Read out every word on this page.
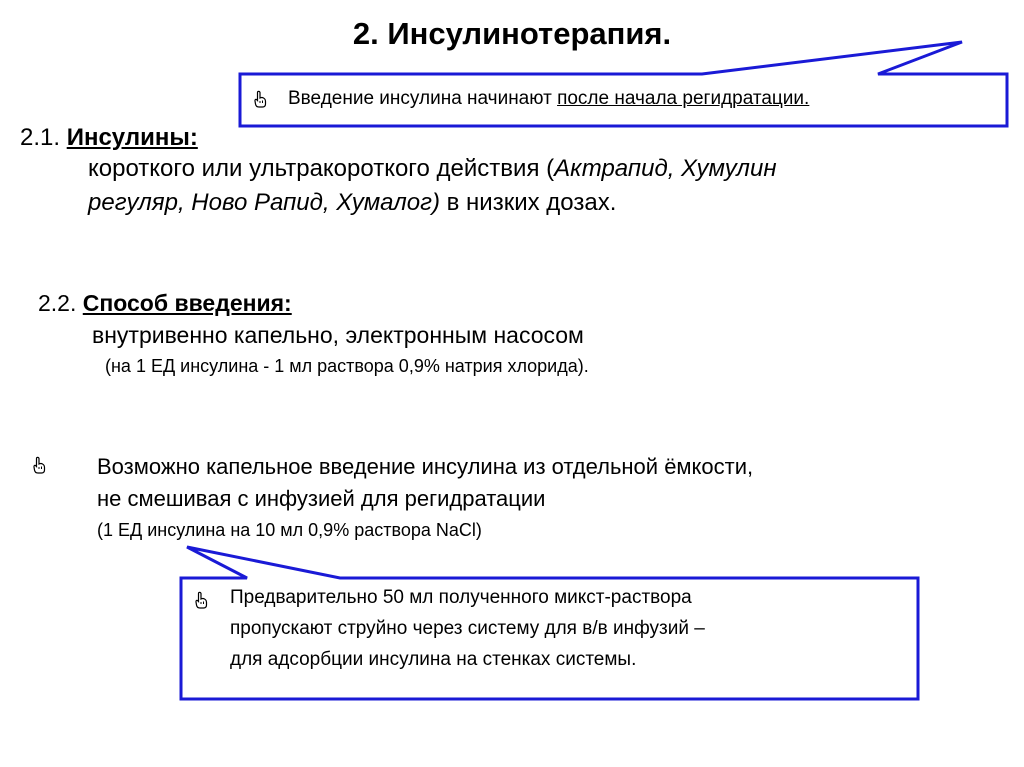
2. Инсулинотерапия.
Введение инсулина начинают после начала регидратации.
2.1. Инсулины:
короткого или ультракороткого действия (Актрапид, Хумулин
регуляр, Ново Рапид, Хумалог) в низких дозах.
2.2. Способ введения:
внутривенно капельно, электронным насосом
(на 1 ЕД инсулина - 1 мл раствора 0,9% натрия хлорида).
Возможно капельное введение инсулина из отдельной ёмкости,
не смешивая с инфузией для регидратации
(1 ЕД инсулина на 10 мл 0,9% раствора NaCl)
Предварительно 50 мл полученного микст-раствора
пропускают струйно через систему для в/в инфузий –
для адсорбции инсулина на стенках системы.
